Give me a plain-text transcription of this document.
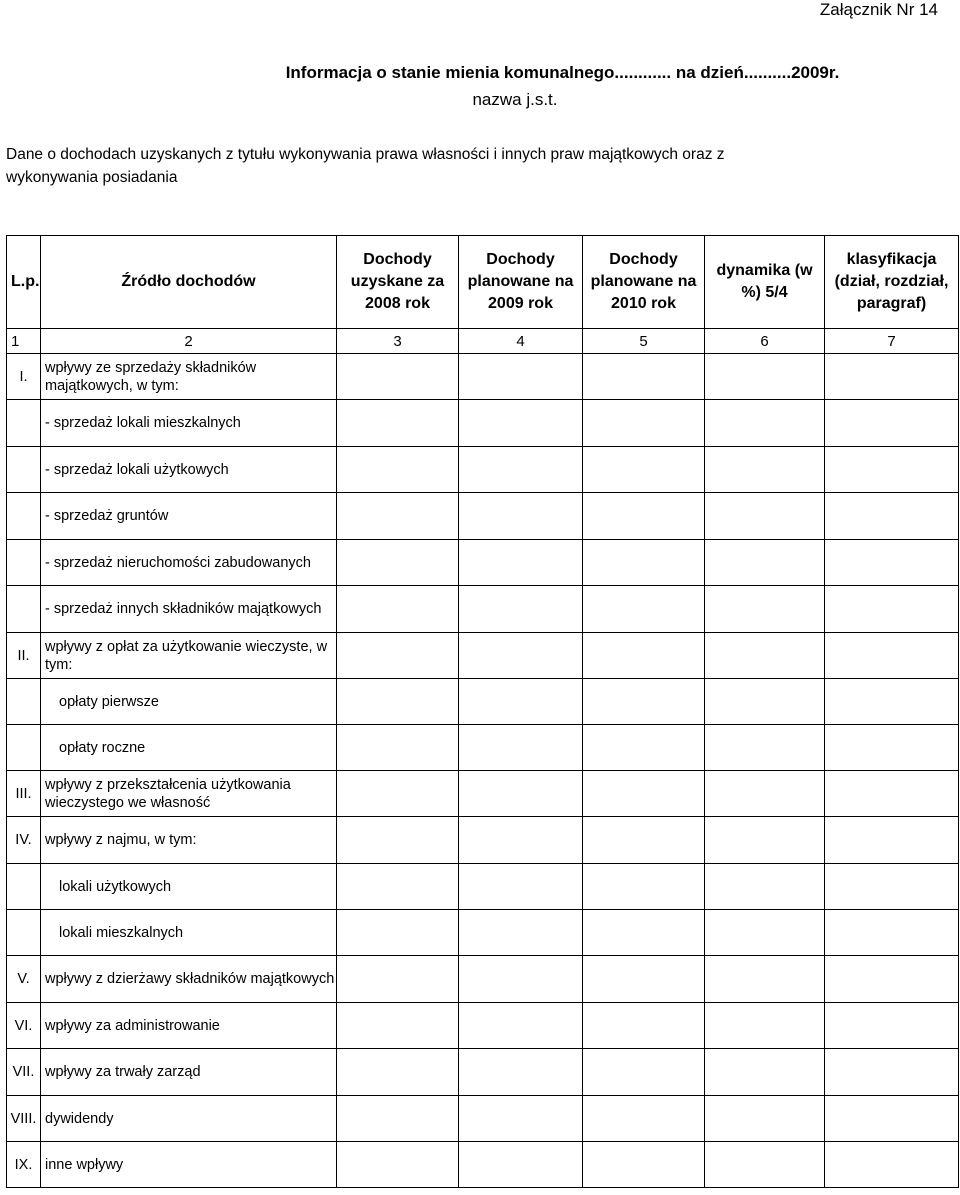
Załącznik Nr 14
Informacja o stanie mienia komunalnego............ na dzień..........2009r.
nazwa j.s.t.
Dane o dochodach uzyskanych z tytułu wykonywania prawa własności i innych praw majątkowych oraz z wykonywania posiadania
L.p.	Źródło dochodów	Dochody uzyskane za 2008 rok	Dochody planowane na 2009 rok	Dochody planowane na 2010 rok	dynamika (w %) 5/4	klasyfikacja (dział, rozdział, paragraf)
1	2	3	4	5	6	7
I.	wpływy ze sprzedaży składników majątkowych, w tym:					
	- sprzedaż lokali mieszkalnych					
	- sprzedaż lokali użytkowych					
	- sprzedaż gruntów					
	- sprzedaż nieruchomości zabudowanych					
	- sprzedaż innych składników majątkowych					
II.	wpływy z opłat za użytkowanie wieczyste, w tym:					
	opłaty pierwsze					
	opłaty roczne					
III.	wpływy z przekształcenia użytkowania wieczystego we własność					
IV.	wpływy z najmu, w tym:					
	lokali użytkowych					
	lokali mieszkalnych					
V.	wpływy z dzierżawy składników majątkowych					
VI.	wpływy za administrowanie					
VII.	wpływy za trwały zarząd					
VIII.	dywidendy					
IX.	inne wpływy					
